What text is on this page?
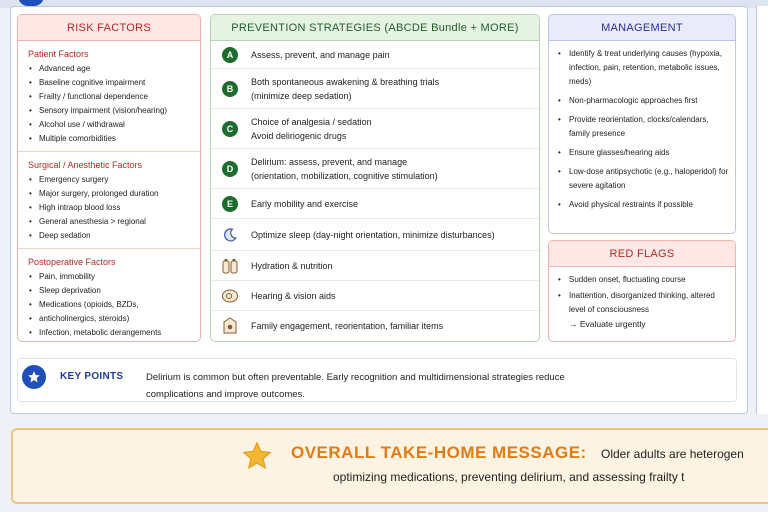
RISK FACTORS
Patient Factors
• Advanced age
• Baseline cognitive impairment
• Frailty / functional dependence
• Sensory impairment (vision/hearing)
• Alcohol use / withdrawal
• Multiple comorbidities
Surgical / Anesthetic Factors
• Emergency surgery
• Major surgery, prolonged duration
• High intraop blood loss
• General anesthesia > regional
• Deep sedation
Postoperative Factors
• Pain, immobility
• Sleep deprivation
• Medications (opioids, BZDs,
• anticholinergics, steroids)
• Infection, metabolic derangements
PREVENTION STRATEGIES (ABCDE Bundle + MORE)
A	Assess, prevent, and manage pain
B
Both spontaneous awakening & breathing trials
(minimize deep sedation)
C
Choice of analgesia / sedation
Avoid deliriogenic drugs
D
Delirium: assess, prevent, and manage
(orientation, mobilization, cognitive stimulation)
E	Early mobility and exercise
Optimize sleep (day-night orientation, minimize disturbances)
Hydration & nutrition
Hearing & vision aids
Family engagement, reorientation, familiar items
MANAGEMENT
• Identify & treat underlying causes (hypoxia, infection, pain, retention, metabolic issues, meds)
• Non-pharmacologic approaches first
• Provide reorientation, clocks/calendars, family presence
• Ensure glasses/hearing aids
• Low-dose antipsychotic (e.g., haloperidol) for severe agitation
• Avoid physical restraints if possible
RED FLAGS
• Sudden onset, fluctuating course
• Inattention, disorganized thinking, altered level of consciousness
→ Evaluate urgently
KEY POINTS Delirium is common but often preventable. Early recognition and multidimensional strategies reduce
complications and improve outcomes.
OVERALL TAKE-HOME MESSAGE: Older adults are heterogen
optimizing medications, preventing delirium, and assessing frailty t
